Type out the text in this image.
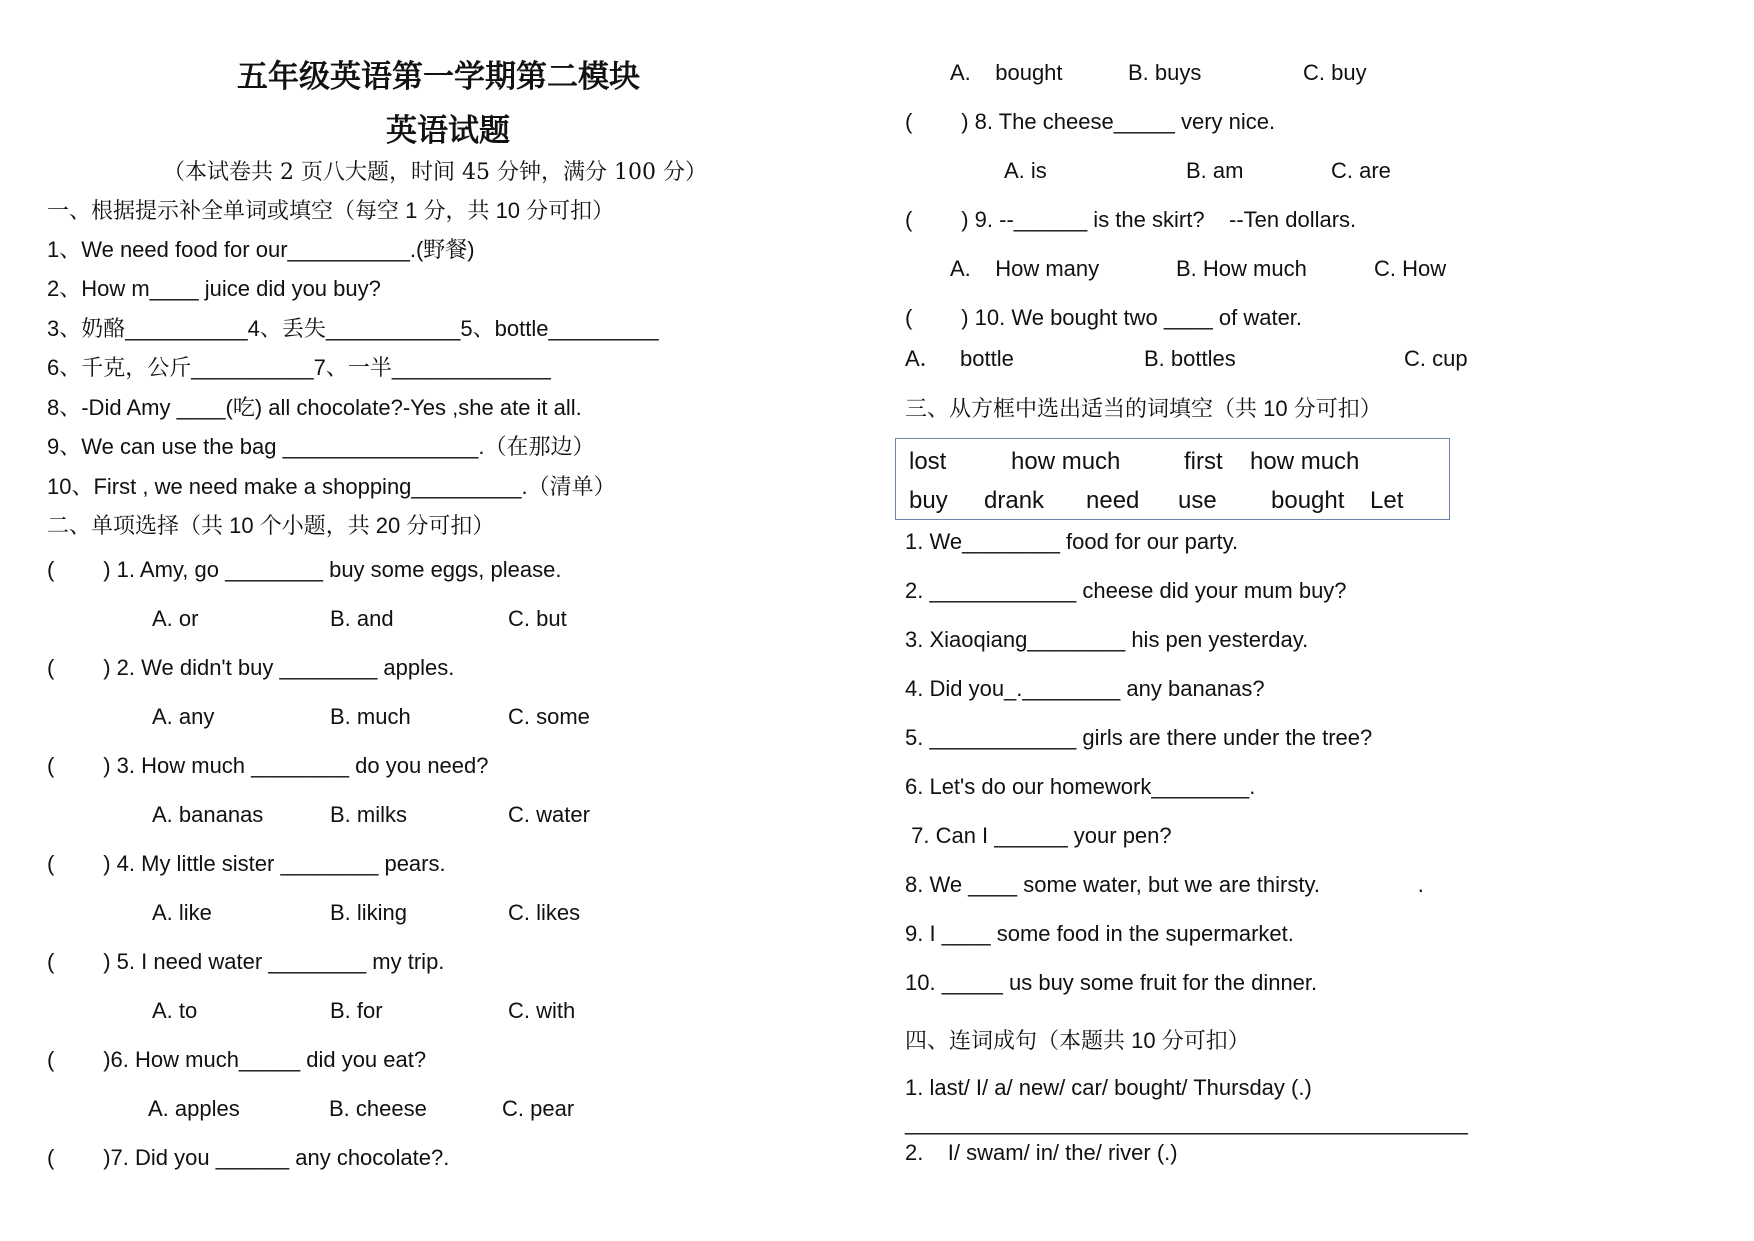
五年级英语第一学期第二模块
英语试题
（本试卷共 2 页八大题，时间 45 分钟，满分 100 分）
一、根据提示补全单词或填空（每空 1 分，共 10 分可扣）
1、We need food for our__________.(野餐)
2、How m____ juice did you buy?
3、奶酪__________4、丢失___________5、bottle_________
6、千克，公斤__________7、一半_____________
8、-Did Amy ____(吃) all chocolate?-Yes ,she ate it all.
9、We can use the bag ________________.（在那边）
10、First , we need make a shopping_________.（清单）
二、单项选择（共 10 个小题，共 20 分可扣）
(        ) 1. Amy, go ________ buy some eggs, please.
A. or	B. and	C. but
(        ) 2. We didn't buy ________ apples.
A. any	B. much	C. some
(        ) 3. How much ________ do you need?
A. bananas	B. milks	C. water
(        ) 4. My little sister ________ pears.
A. like	B. liking	C. likes
(        ) 5. I need water ________ my trip.
A. to	B. for	C. with
(        )6. How much_____ did you eat?
A. apples	B. cheese	C. pear
(        )7. Did you ______ any chocolate?.
A.    bought	B. buys	C. buy
(        ) 8. The cheese_____ very nice.
A. is	B. am	C. are
(        ) 9. --______ is the skirt?    --Ten dollars.
A.    How many	B. How much	C. How
(        ) 10. We bought two ____ of water.
A．   bottle	B. bottles	C. cup
三、从方框中选出适当的词填空（共 10 分可扣）
lost	how much	first how much
buy drank need use bought Let
1. We________ food for our party.
2. ____________ cheese did your mum buy?
3. Xiaoqiang________ his pen yesterday.
4. Did you_.________ any bananas?
5. ____________ girls are there under the tree?
6. Let's do our homework________.
7. Can I ______ your pen?
8. We ____ some water, but we are thirsty.                .
9. I ____ some food in the supermarket.
10. _____ us buy some fruit for the dinner.
四、连词成句（本题共 10 分可扣）
1. last/ I/ a/ new/ car/ bought/ Thursday (.)
______________________________________________
2.    I/ swam/ in/ the/ river (.)
